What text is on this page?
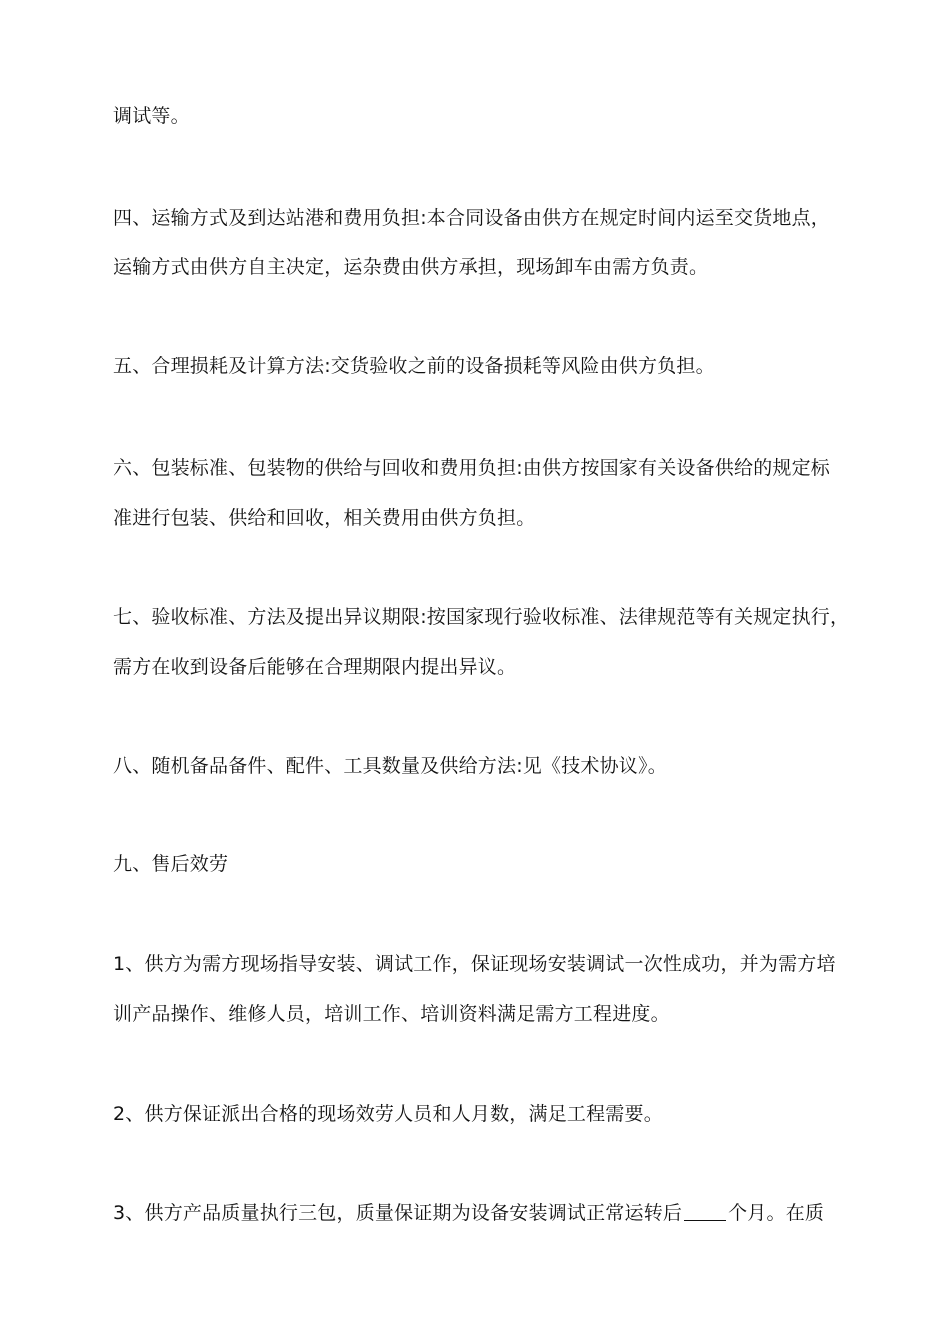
调试等。
四、运输方式及到达站港和费用负担:本合同设备由供方在规定时间内运至交货地点，
运输方式由供方自主决定，运杂费由供方承担，现场卸车由需方负责。
五、合理损耗及计算方法:交货验收之前的设备损耗等风险由供方负担。
六、包装标准、包装物的供给与回收和费用负担:由供方按国家有关设备供给的规定标
准进行包装、供给和回收，相关费用由供方负担。
七、验收标准、方法及提出异议期限:按国家现行验收标准、法律规范等有关规定执行，
需方在收到设备后能够在合理期限内提出异议。
八、随机备品备件、配件、工具数量及供给方法:见《技术协议》。
九、售后效劳
1、供方为需方现场指导安装、调试工作，保证现场安装调试一次性成功，并为需方培
训产品操作、维修人员，培训工作、培训资料满足需方工程进度。
2、供方保证派出合格的现场效劳人员和人月数，满足工程需要。
3、供方产品质量执行三包，质量保证期为设备安装调试正常运转后 个月。在质
